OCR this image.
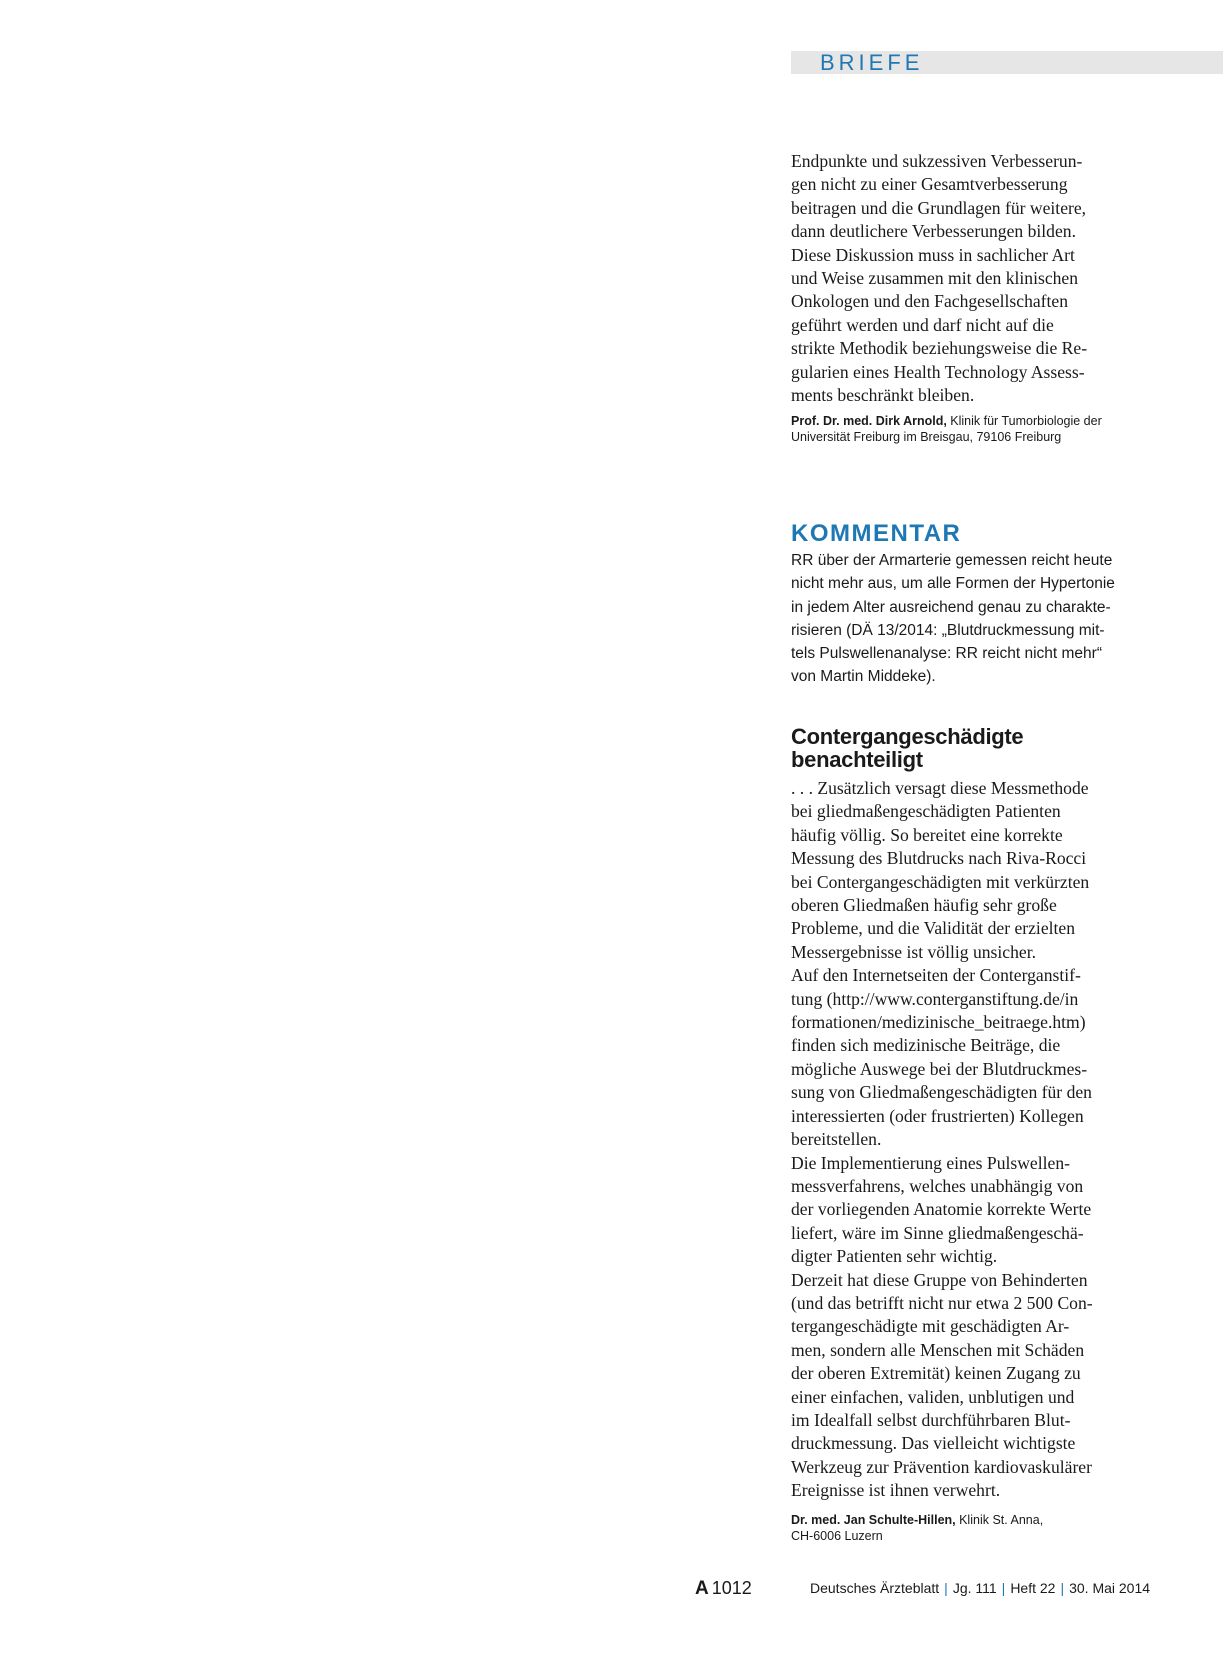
BRIEFE

Endpunkte und sukzessiven Verbesserun-
gen nicht zu einer Gesamtverbesserung
beitragen und die Grundlagen für weitere,
dann deutlichere Verbesserungen bilden.
Diese Diskussion muss in sachlicher Art
und Weise zusammen mit den klinischen
Onkologen und den Fachgesellschaften
geführt werden und darf nicht auf die
strikte Methodik beziehungsweise die Re-
gularien eines Health Technology Assess-
ments beschränkt bleiben.

Prof. Dr. med. Dirk Arnold, Klinik für Tumorbiologie der
Universität Freiburg im Breisgau, 79106 Freiburg

KOMMENTAR

RR über der Armarterie gemessen reicht heute
nicht mehr aus, um alle Formen der Hypertonie
in jedem Alter ausreichend genau zu charakte-
risieren (DÄ 13/2014: „Blutdruckmessung mit-
tels Pulswellenanalyse: RR reicht nicht mehr“
von Martin Middeke).

Contergangeschädigte
benachteiligt

. . . Zusätzlich versagt diese Messmethode
bei gliedmaßengeschädigten Patienten
häufig völlig. So bereitet eine korrekte
Messung des Blutdrucks nach Riva-Rocci
bei Contergangeschädigten mit verkürzten
oberen Gliedmaßen häufig sehr große
Probleme, und die Validität der erzielten
Messergebnisse ist völlig unsicher.
Auf den Internetseiten der Conterganstif-
tung (http://www.conterganstiftung.de/in
formationen/medizinische_beitraege.htm)
finden sich medizinische Beiträge, die
mögliche Auswege bei der Blutdruckmes-
sung von Gliedmaßengeschädigten für den
interessierten (oder frustrierten) Kollegen
bereitstellen.
Die Implementierung eines Pulswellen-
messverfahrens, welches unabhängig von
der vorliegenden Anatomie korrekte Werte
liefert, wäre im Sinne gliedmaßengeschä-
digter Patienten sehr wichtig.
Derzeit hat diese Gruppe von Behinderten
(und das betrifft nicht nur etwa 2 500 Con-
tergangeschädigte mit geschädigten Ar-
men, sondern alle Menschen mit Schäden
der oberen Extremität) keinen Zugang zu
einer einfachen, validen, unblutigen und
im Idealfall selbst durchführbaren Blut-
druckmessung. Das vielleicht wichtigste
Werkzeug zur Prävention kardiovaskulärer
Ereignisse ist ihnen verwehrt.

Dr. med. Jan Schulte-Hillen, Klinik St. Anna,
CH-6006 Luzern

A 1012	Deutsches Ärzteblatt | Jg. 111 | Heft 22 | 30. Mai 2014
